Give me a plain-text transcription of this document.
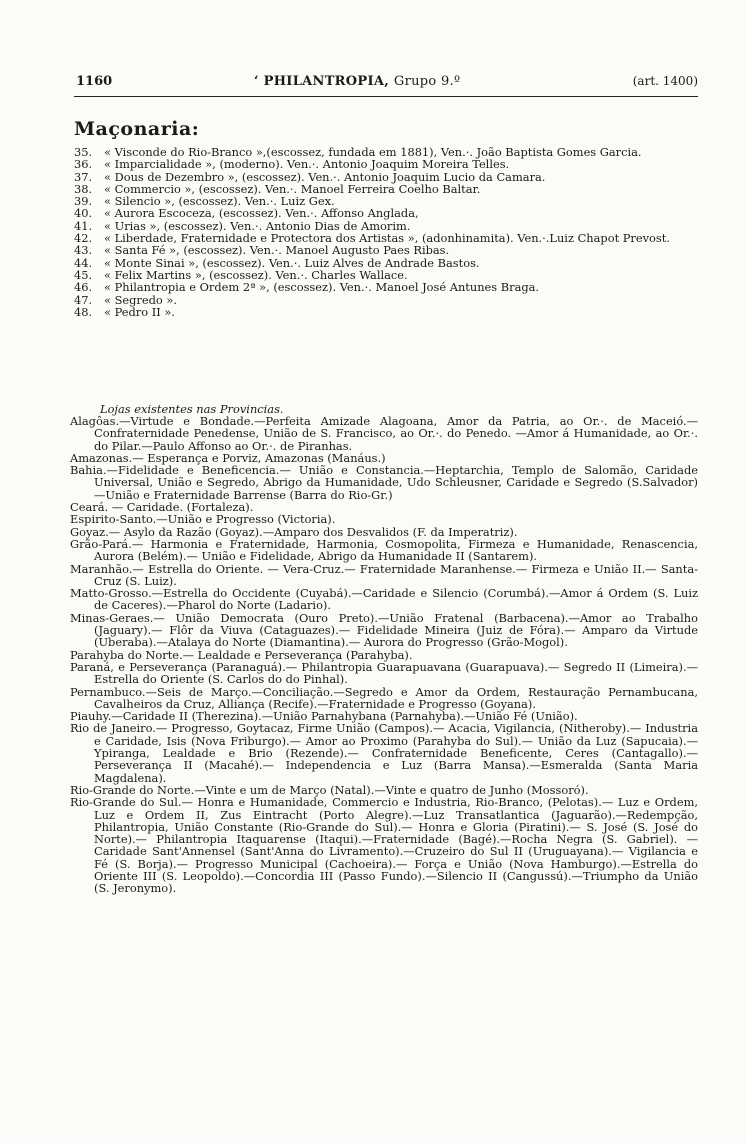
1160	‘ PHILANTROPIA, Grupo 9.º	(art. 1400)
Maçonaria:
35.	« Visconde do Rio-Branco »,(escossez, fundada em 1881), Ven.·. João Baptista Gomes Garcia.
36.	« Imparcialidade », (moderno). Ven.·. Antonio Joaquim Moreira Telles.
37.	« Dous de Dezembro », (escossez). Ven.·. Antonio Joaquim Lucio da Camara.
38.	« Commercio », (escossez). Ven.·. Manoel Ferreira Coelho Baltar.
39.	« Silencio », (escossez). Ven.·. Luiz Gex.
40.	« Aurora Escoceza, (escossez). Ven.·. Affonso Anglada,
41.	« Urias », (escossez). Ven.·. Antonio Dias de Amorim.
42.	« Liberdade, Fraternidade e Protectora dos Artistas », (adonhinamita). Ven.·.Luiz Chapot Prevost.
43.	« Santa Fé », (escossez). Ven.·. Manoel Augusto Paes Ribas.
44.	« Monte Sinai », (escossez). Ven.·. Luiz Alves de Andrade Bastos.
45.	« Felix Martins », (escossez). Ven.·. Charles Wallace.
46.	« Philantropia e Ordem 2ª », (escossez). Ven.·. Manoel José Antunes Braga.
47.	« Segredo ».
48.	« Pedro II ».
Lojas existentes nas Provincias.
Alagôas.—Virtude e Bondade.—Perfeita Amizade Alagoana, Amor da Patria, ao Or.·. de Maceió.—Confraternidade Penedense, União de S. Francisco, ao Or.·. do Penedo. —Amor á Humanidade, ao Or.·. do Pilar.—Paulo Affonso ao Or.·. de Piranhas.
Amazonas.— Esperança e Porviz, Amazonas (Manáus.)
Bahia.—Fidelidade e Beneficencia.— União e Constancia.—Heptarchia, Templo de Salomão, Caridade Universal, União e Segredo, Abrigo da Humanidade, Udo Schleusner, Caridade e Segredo (S.Salvador)—União e Fraternidade Barrense (Barra do Rio-Gr.)
Ceará. — Caridade. (Fortaleza).
Espirito-Santo.—União e Progresso (Victoria).
Goyaz.— Asylo da Razão (Goyaz).—Amparo dos Desvalidos (F. da Imperatriz).
Grão-Pará.— Harmonia e Fraternidade, Harmonia, Cosmopolita, Firmeza e Humanidade, Renascencia, Aurora (Belém).— União e Fidelidade, Abrigo da Humanidade II (Santarem).
Maranhão.— Estrella do Oriente. — Vera-Cruz.— Fraternidade Maranhense.— Firmeza e União II.— Santa-Cruz (S. Luiz).
Matto-Grosso.—Estrella do Occidente (Cuyabá).—Caridade e Silencio (Corumbá).—Amor á Ordem (S. Luiz de Caceres).—Pharol do Norte (Ladario).
Minas-Geraes.— União Democrata (Ouro Preto).—União Fratenal (Barbacena).—Amor ao Trabalho (Jaguary).— Flôr da Viuva (Cataguazes).— Fidelidade Mineira (Juiz de Fóra).— Amparo da Virtude (Uberaba).—Atalaya do Norte (Diamantina).— Aurora do Progresso (Grão-Mogol).
Parahyba do Norte.— Lealdade e Perseverança (Parahyba).
Paraná, e Perseverança (Paranaguá).— Philantropia Guarapuavana (Guarapuava).— Segredo II (Limeira).— Estrella do Oriente (S. Carlos do do Pinhal).
Pernambuco.—Seis de Março.—Conciliação.—Segredo e Amor da Ordem, Restauração Pernambucana, Cavalheiros da Cruz, Alliança (Recife).—Fraternidade e Progresso (Goyana).
Piauhy.—Caridade II (Therezina).—União Parnahybana (Parnahyba).—União Fé (União).
Rio de Janeiro.— Progresso, Goytacaz, Firme União (Campos).— Acacia, Vigilancia, (Nitheroby).— Industria e Caridade, Isis (Nova Friburgo).— Amor ao Proximo (Parahyba do Sul).— União da Luz (Sapucaia).— Ypiranga, Lealdade e Brio (Rezende).— Confraternidade Beneficente, Ceres (Cantagallo).— Perseverança II (Macahé).— Independencia e Luz (Barra Mansa).—Esmeralda (Santa Maria Magdalena).
Rio-Grande do Norte.—Vinte e um de Março (Natal).—Vinte e quatro de Junho (Mossoró).
Rio-Grande do Sul.— Honra e Humanidade, Commercio e Industria, Rio-Branco, (Pelotas).— Luz e Ordem, Luz e Ordem II, Zus Eintracht (Porto Alegre).—Luz Transatlantica (Jaguarão).—Redempção, Philantropia, União Constante (Rio-Grande do Sul).— Honra e Gloria (Piratini).— S. José (S. José do Norte).— Philantropia Itaquarense (Itaqui).—Fraternidade (Bagé).—Rocha Negra (S. Gabriel). — Caridade Sant'Annensel (Sant'Anna do Livramento).—Cruzeiro do Sul II (Uruguayana).— Vigilancia e Fé (S. Borja).— Progresso Municipal (Cachoeira).— Força e União (Nova Hamburgo).—Estrella do Oriente III (S. Leopoldo).—Concordia III (Passo Fundo).—Silencio II (Cangussú).—Triumpho da União (S. Jeronymo).
